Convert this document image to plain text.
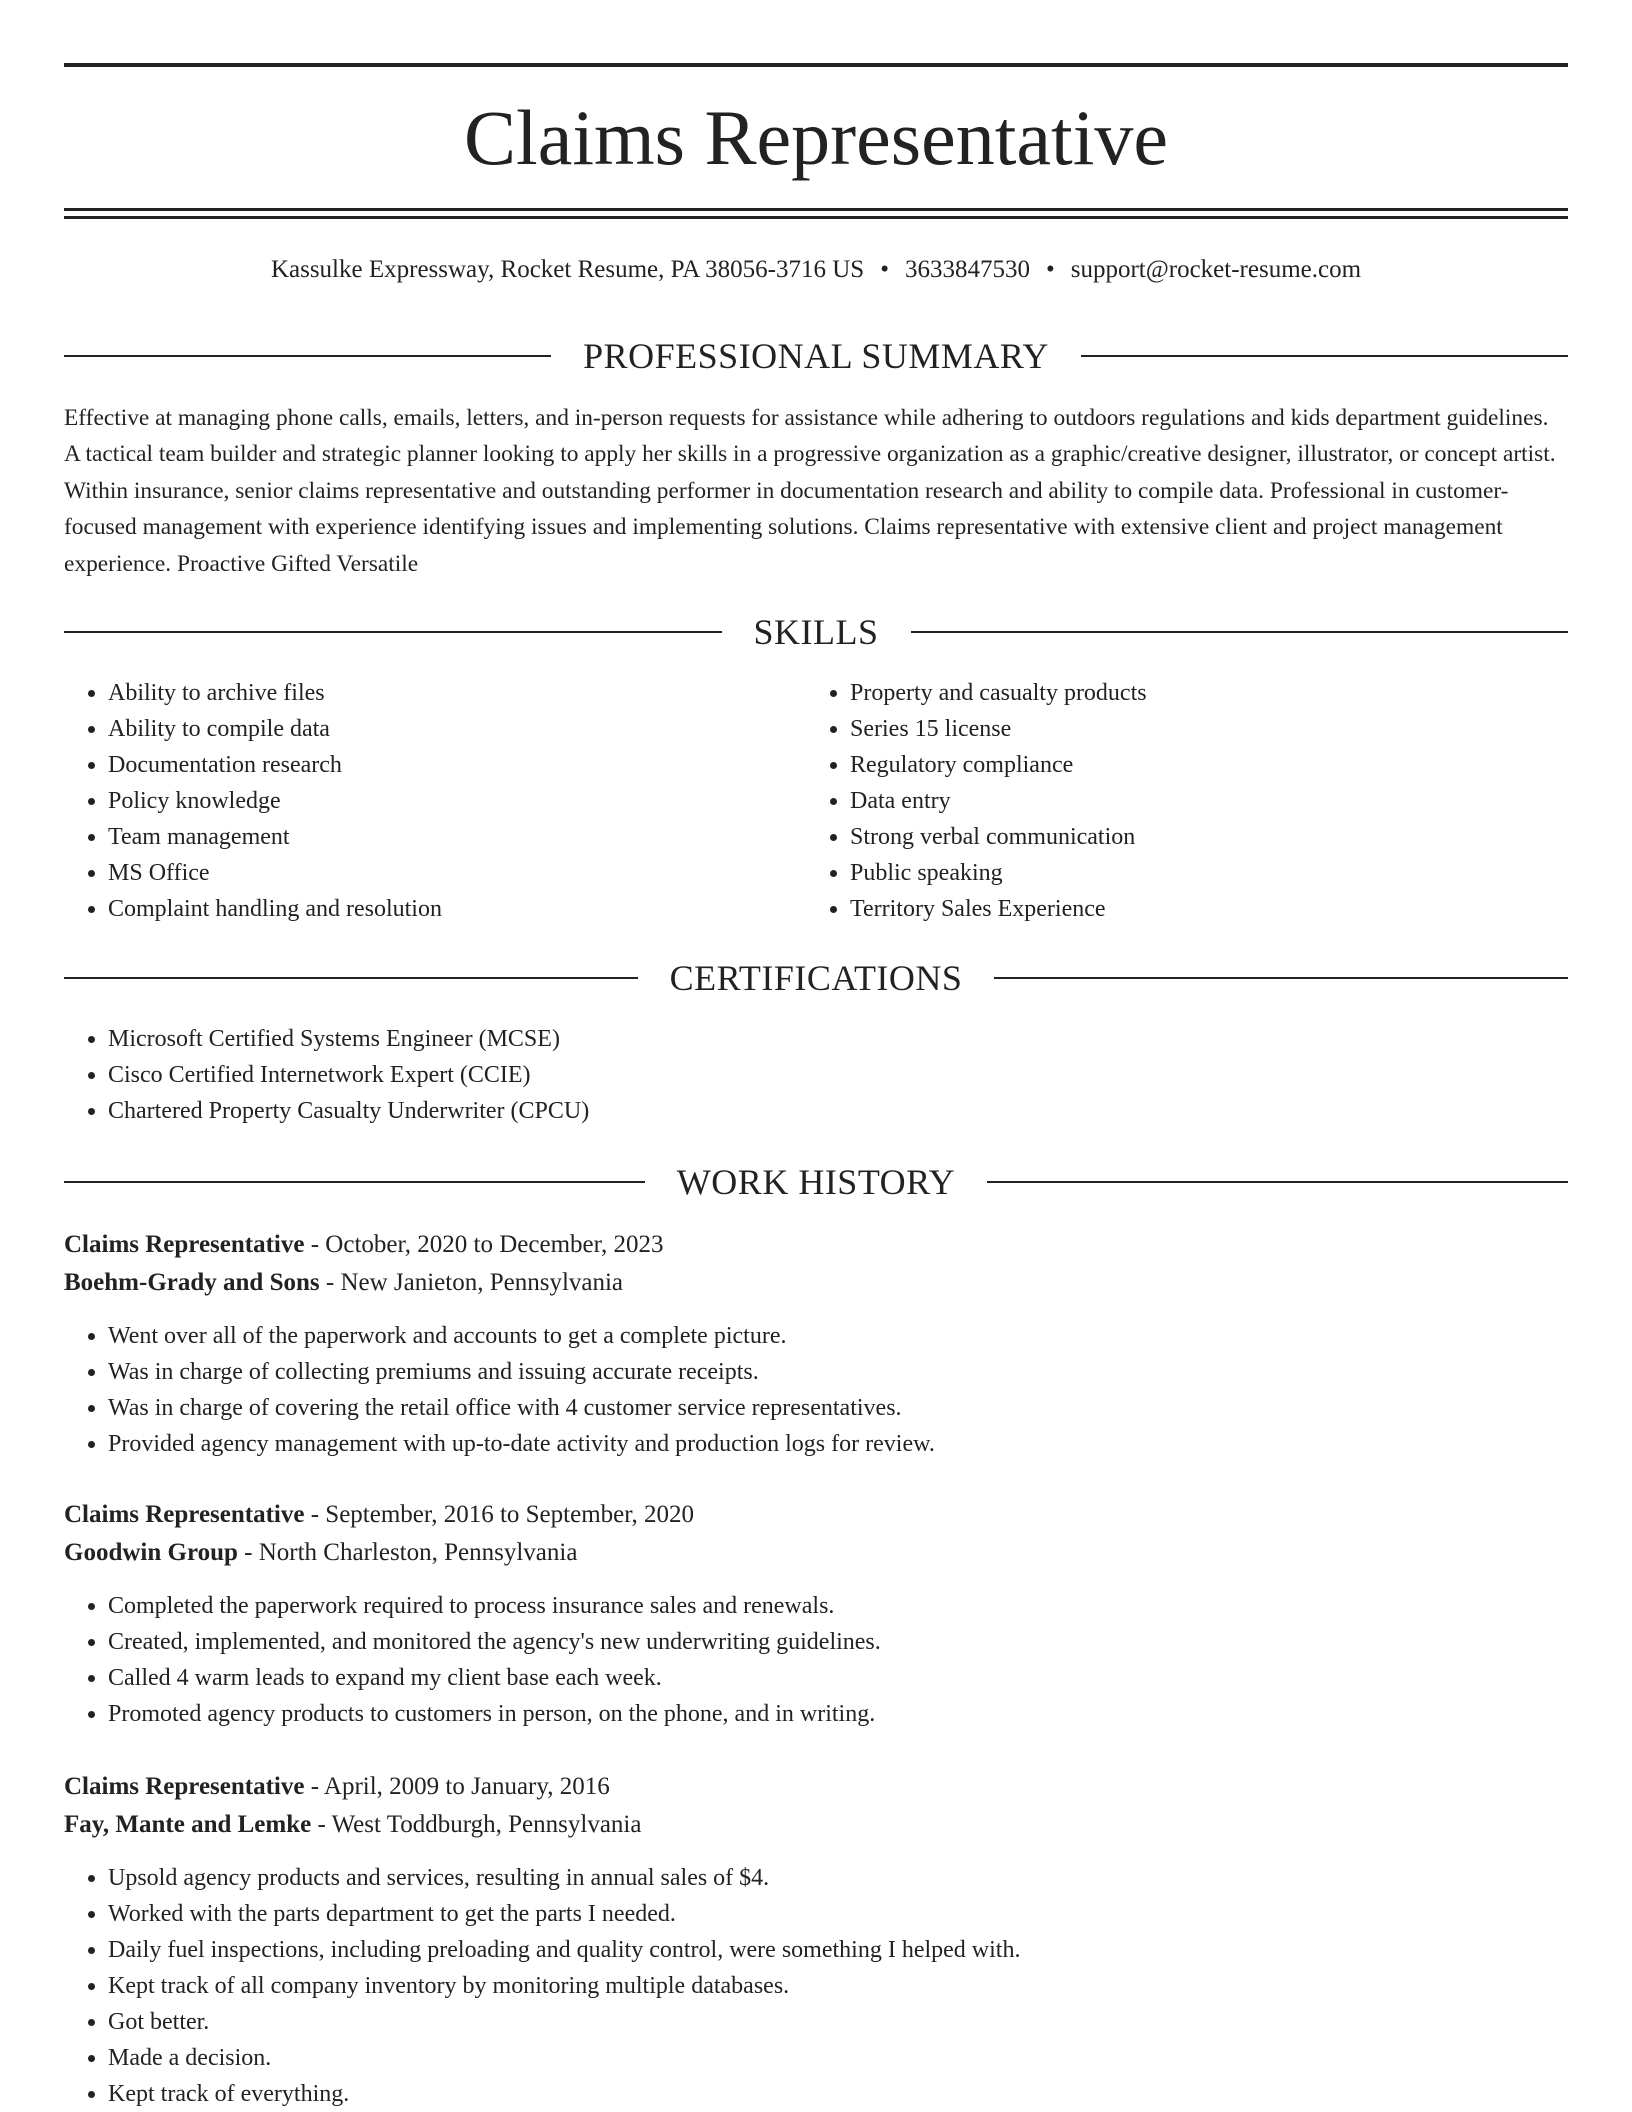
Claims Representative
Kassulke Expressway, Rocket Resume, PA 38056-3716 US • 3633847530 • support@rocket-resume.com
PROFESSIONAL SUMMARY

Effective at managing phone calls, emails, letters, and in-person requests for assistance while adhering to outdoors regulations and kids department guidelines. A tactical team builder and strategic planner looking to apply her skills in a progressive organization as a graphic/creative designer, illustrator, or concept artist. Within insurance, senior claims representative and outstanding performer in documentation research and ability to compile data. Professional in customer-focused management with experience identifying issues and implementing solutions. Claims representative with extensive client and project management experience. Proactive Gifted Versatile

SKILLS
• Ability to archive files
• Ability to compile data
• Documentation research
• Policy knowledge
• Team management
• MS Office
• Complaint handling and resolution
• Property and casualty products
• Series 15 license
• Regulatory compliance
• Data entry
• Strong verbal communication
• Public speaking
• Territory Sales Experience
CERTIFICATIONS
• Microsoft Certified Systems Engineer (MCSE)
• Cisco Certified Internetwork Expert (CCIE)
• Chartered Property Casualty Underwriter (CPCU)
WORK HISTORY
Claims Representative - October, 2020 to December, 2023
Boehm-Grady and Sons - New Janieton, Pennsylvania
• Went over all of the paperwork and accounts to get a complete picture.
• Was in charge of collecting premiums and issuing accurate receipts.
• Was in charge of covering the retail office with 4 customer service representatives.
• Provided agency management with up-to-date activity and production logs for review.
Claims Representative - September, 2016 to September, 2020
Goodwin Group - North Charleston, Pennsylvania
• Completed the paperwork required to process insurance sales and renewals.
• Created, implemented, and monitored the agency's new underwriting guidelines.
• Called 4 warm leads to expand my client base each week.
• Promoted agency products to customers in person, on the phone, and in writing.
Claims Representative - April, 2009 to January, 2016
Fay, Mante and Lemke - West Toddburgh, Pennsylvania
• Upsold agency products and services, resulting in annual sales of $4.
• Worked with the parts department to get the parts I needed.
• Daily fuel inspections, including preloading and quality control, were something I helped with.
• Kept track of all company inventory by monitoring multiple databases.
• Got better.
• Made a decision.
• Kept track of everything.
